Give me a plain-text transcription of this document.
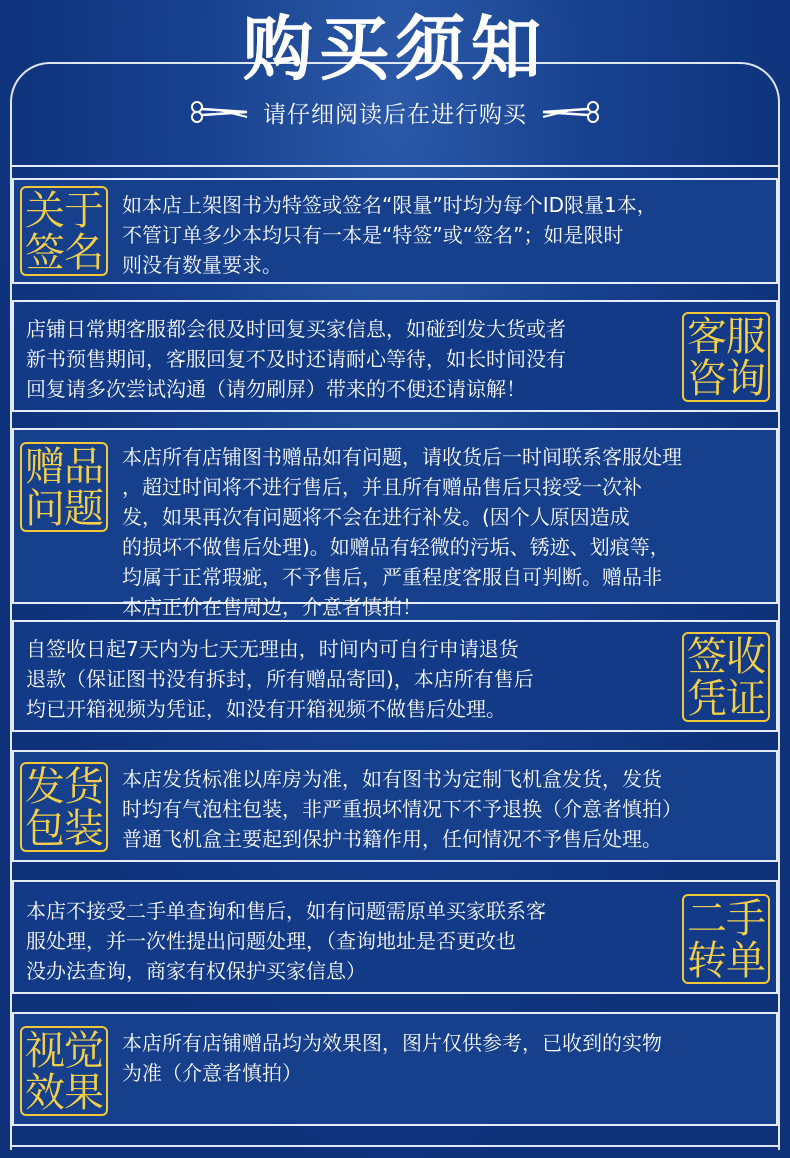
购买须知
请仔细阅读后在进行购买
关于
签名
如本店上架图书为特签或签名“限量”时均为每个ID限量1本，
不管订单多少本均只有一本是“特签”或“签名”；如是限时
则没有数量要求。
客服
咨询
店铺日常期客服都会很及时回复买家信息，如碰到发大货或者
新书预售期间，客服回复不及时还请耐心等待，如长时间没有
回复请多次尝试沟通（请勿刷屏）带来的不便还请谅解！
赠品
问题
本店所有店铺图书赠品如有问题，请收货后一时间联系客服处理
，超过时间将不进行售后，并且所有赠品售后只接受一次补
发，如果再次有问题将不会在进行补发。(因个人原因造成
的损坏不做售后处理)。如赠品有轻微的污垢、锈迹、划痕等，
均属于正常瑕疵，不予售后，严重程度客服自可判断。赠品非
本店正价在售周边，介意者慎拍！
签收
凭证
自签收日起7天内为七天无理由，时间内可自行申请退货
退款（保证图书没有拆封，所有赠品寄回)，本店所有售后
均已开箱视频为凭证，如没有开箱视频不做售后处理。
发货
包装
本店发货标准以库房为准，如有图书为定制飞机盒发货，发货
时均有气泡柱包装，非严重损坏情况下不予退换（介意者慎拍）
普通飞机盒主要起到保护书籍作用，任何情况不予售后处理。
二手
转单
本店不接受二手单查询和售后，如有问题需原单买家联系客
服处理，并一次性提出问题处理，（查询地址是否更改也
没办法查询，商家有权保护买家信息）
视觉
效果
本店所有店铺赠品均为效果图，图片仅供参考，已收到的实物
为准（介意者慎拍）
